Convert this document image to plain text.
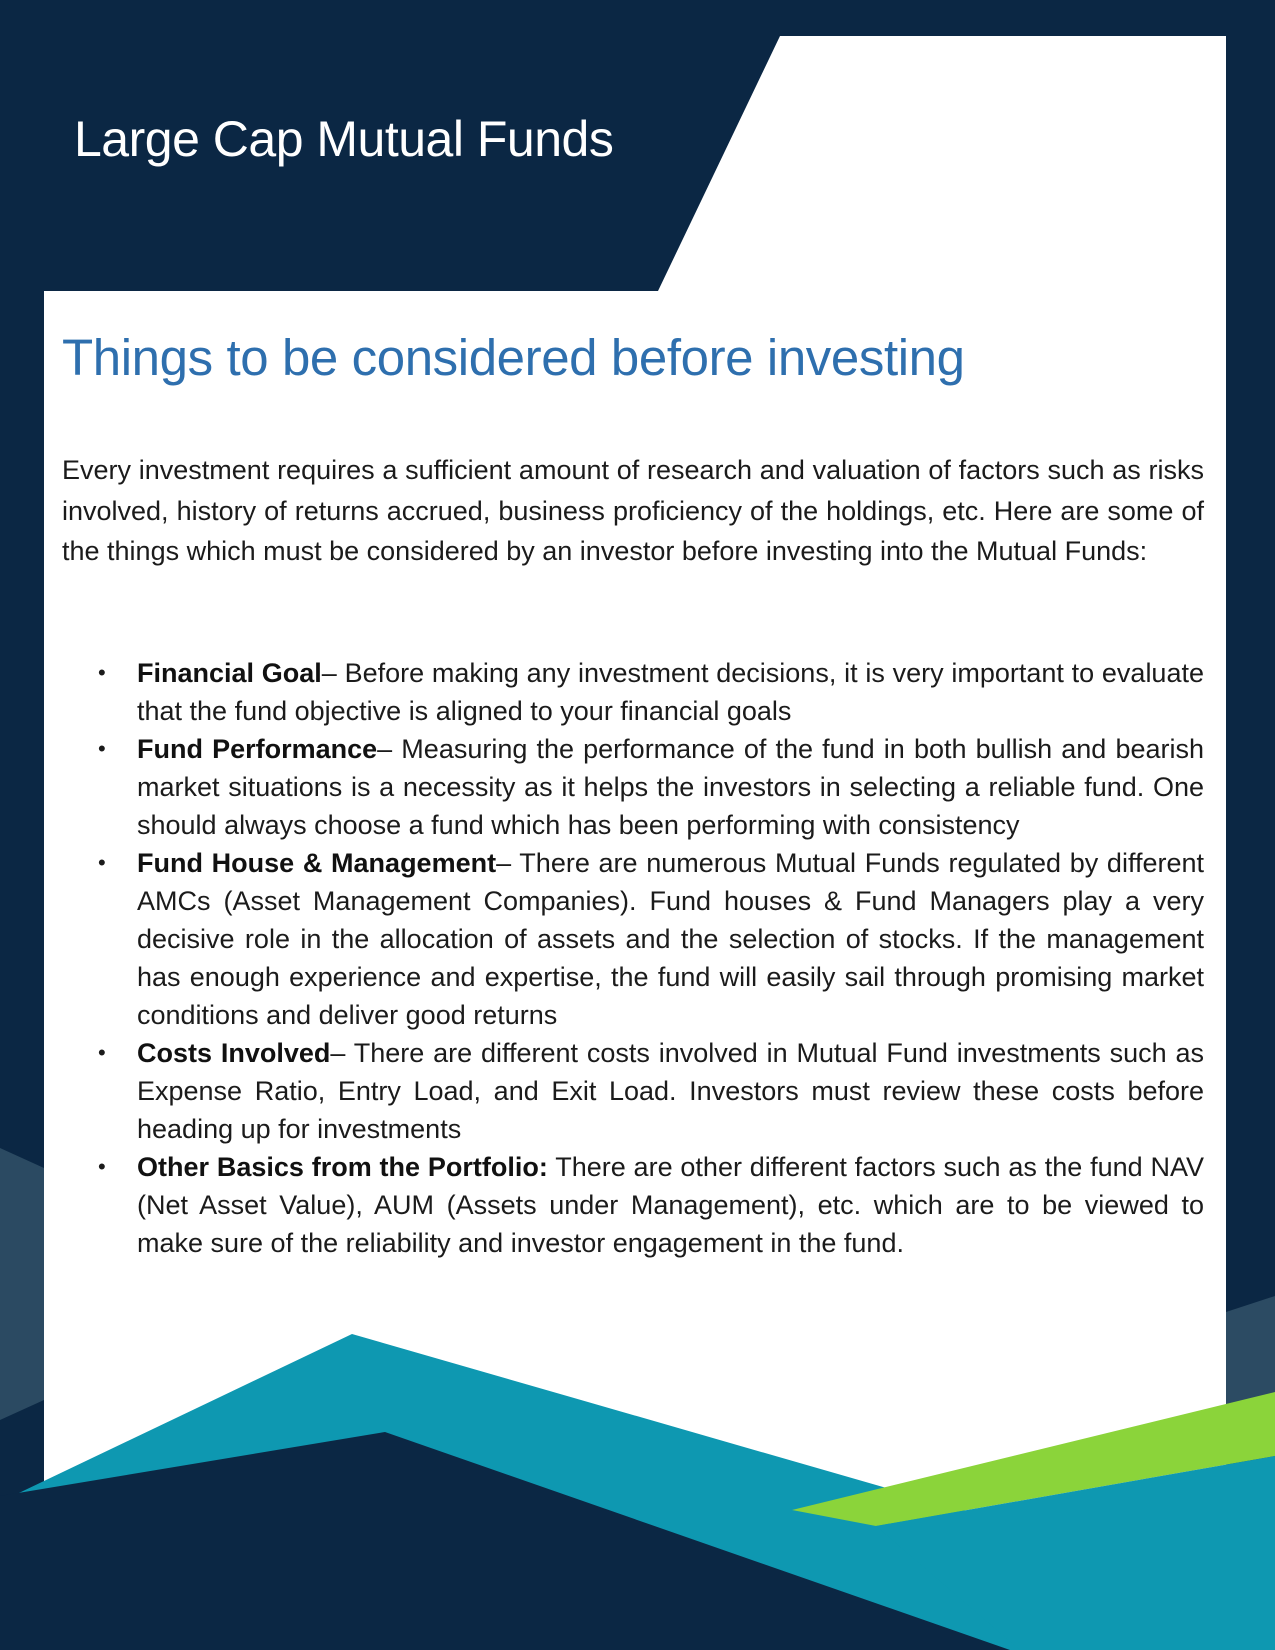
Large Cap Mutual Funds
Things to be considered before investing

Every investment requires a sufficient amount of research and valuation of factors such as risks involved, history of returns accrued, business proficiency of the holdings, etc. Here are some of the things which must be considered by an investor before investing into the Mutual Funds:

• Financial Goal– Before making any investment decisions, it is very important to evaluate that the fund objective is aligned to your financial goals
• Fund Performance– Measuring the performance of the fund in both bullish and bearish market situations is a necessity as it helps the investors in selecting a reliable fund. One should always choose a fund which has been performing with consistency
• Fund House & Management– There are numerous Mutual Funds regulated by different AMCs (Asset Management Companies). Fund houses & Fund Managers play a very decisive role in the allocation of assets and the selection of stocks. If the management has enough experience and expertise, the fund will easily sail through promising market conditions and deliver good returns
• Costs Involved– There are different costs involved in Mutual Fund investments such as Expense Ratio, Entry Load, and Exit Load. Investors must review these costs before heading up for investments
• Other Basics from the Portfolio: There are other different factors such as the fund NAV (Net Asset Value), AUM (Assets under Management), etc. which are to be viewed to make sure of the reliability and investor engagement in the fund.
